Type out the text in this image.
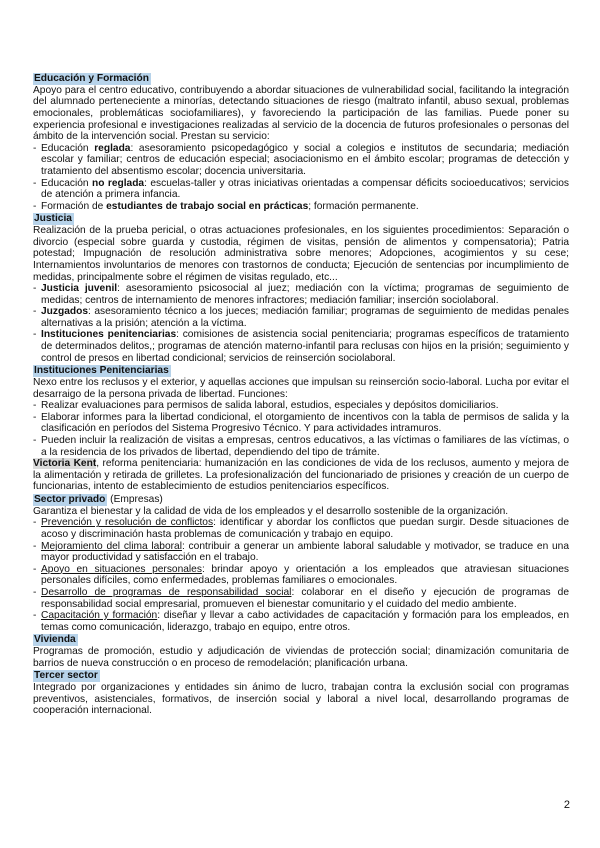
Educación y Formación

Apoyo para el centro educativo, contribuyendo a abordar situaciones de vulnerabilidad social, facilitando la integración del alumnado perteneciente a minorías, detectando situaciones de riesgo (maltrato infantil, abuso sexual, problemas emocionales, problemáticas sociofamiliares), y favoreciendo la participación de las familias. Puede poner su experiencia profesional e investigaciones realizadas al servicio de la docencia de futuros profesionales o personas del ámbito de la intervención social. Prestan su servicio:

- Educación reglada: asesoramiento psicopedagógico y social a colegios e institutos de secundaria; mediación escolar y familiar; centros de educación especial; asociacionismo en el ámbito escolar; programas de detección y tratamiento del absentismo escolar; docencia universitaria.
- Educación no reglada: escuelas-taller y otras iniciativas orientadas a compensar déficits socioeducativos; servicios de atención a primera infancia.
- Formación de estudiantes de trabajo social en prácticas; formación permanente.
Justicia

Realización de la prueba pericial, o otras actuaciones profesionales, en los siguientes procedimientos: Separación o divorcio (especial sobre guarda y custodia, régimen de visitas, pensión de alimentos y compensatoria); Patria potestad; Impugnación de resolución administrativa sobre menores; Adopciones, acogimientos y su cese; Internamientos involuntarios de menores con trastornos de conducta; Ejecución de sentencias por incumplimiento de medidas, principalmente sobre el régimen de visitas regulado, etc...

- Justicia juvenil: asesoramiento psicosocial al juez; mediación con la víctima; programas de seguimiento de medidas; centros de internamiento de menores infractores; mediación familiar; inserción sociolaboral.
- Juzgados: asesoramiento técnico a los jueces; mediación familiar; programas de seguimiento de medidas penales alternativas a la prisión; atención a la víctima.
- Instituciones penitenciarias: comisiones de asistencia social penitenciaria; programas específicos de tratamiento de determinados delitos,; programas de atención materno-infantil para reclusas con hijos en la prisión; seguimiento y control de presos en libertad condicional; servicios de reinserción sociolaboral.
Instituciones Penitenciarias

Nexo entre los reclusos y el exterior, y aquellas acciones que impulsan su reinserción socio-laboral. Lucha por evitar el desarraigo de la persona privada de libertad. Funciones:

- Realizar evaluaciones para permisos de salida laboral, estudios, especiales y depósitos domiciliarios.
- Elaborar informes para la libertad condicional, el otorgamiento de incentivos con la tabla de permisos de salida y la clasificación en períodos del Sistema Progresivo Técnico. Y para actividades intramuros.
- Pueden incluir la realización de visitas a empresas, centros educativos, a las víctimas o familiares de las víctimas, o a la residencia de los privados de libertad, dependiendo del tipo de trámite.

Victoria Kent, reforma penitenciaria: humanización en las condiciones de vida de los reclusos, aumento y mejora de la alimentación y retirada de grilletes. La profesionalización del funcionariado de prisiones y creación de un cuerpo de funcionarias, intento de establecimiento de estudios penitenciarios específicos.

Sector privado (Empresas)

Garantiza el bienestar y la calidad de vida de los empleados y el desarrollo sostenible de la organización.

- Prevención y resolución de conflictos: identificar y abordar los conflictos que puedan surgir. Desde situaciones de acoso y discriminación hasta problemas de comunicación y trabajo en equipo.
- Mejoramiento del clima laboral: contribuir a generar un ambiente laboral saludable y motivador, se traduce en una mayor productividad y satisfacción en el trabajo.
- Apoyo en situaciones personales: brindar apoyo y orientación a los empleados que atraviesan situaciones personales difíciles, como enfermedades, problemas familiares o emocionales.
- Desarrollo de programas de responsabilidad social: colaborar en el diseño y ejecución de programas de responsabilidad social empresarial, promueven el bienestar comunitario y el cuidado del medio ambiente.
- Capacitación y formación: diseñar y llevar a cabo actividades de capacitación y formación para los empleados, en temas como comunicación, liderazgo, trabajo en equipo, entre otros.
Vivienda

Programas de promoción, estudio y adjudicación de viviendas de protección social; dinamización comunitaria de barrios de nueva construcción o en proceso de remodelación; planificación urbana.

Tercer sector

Integrado por organizaciones y entidades sin ánimo de lucro, trabajan contra la exclusión social con programas preventivos, asistenciales, formativos, de inserción social y laboral a nivel local, desarrollando programas de cooperación internacional.

2
